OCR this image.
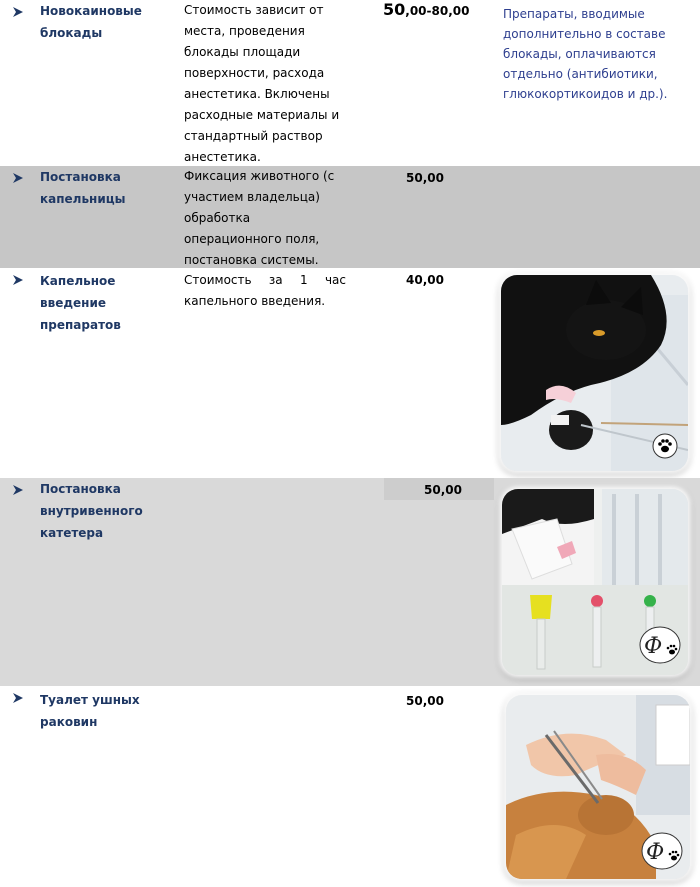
Новокаиновые блокады
Стоимость зависит от места, проведения блокады площади поверхности, расхода анестетика. Включены расходные материалы и стандартный раствор анестетика.
50,00-80,00	Препараты, вводимые дополнительно в составе блокады, оплачиваются отдельно (антибиотики, глюкокортикоидов и др.).
Постановка капельницы
Фиксация животного (с участием владельца) обработка операционного поля, постановка системы.
50,00
Капельное введение препаратов
Стоимость за 1 час капельного введения.
40,00
Постановка внутривенного катетера
50,00
Ф
Туалет ушных раковин
50,00
Ф
